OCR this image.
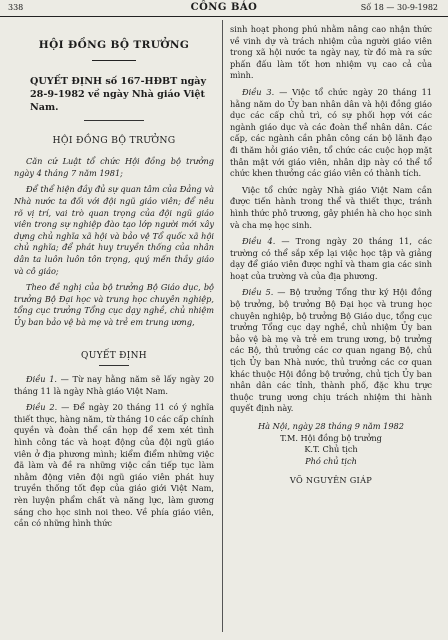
338	CÔNG BÁO	Số 18 — 30-9-1982
HỘI ĐỒNG BỘ TRƯỞNG
QUYẾT ĐỊNH số 167-HĐBT ngày 28-9-1982 về ngày Nhà giáo Việt Nam.
HỘI ĐỒNG BỘ TRƯỞNG

Căn cứ Luật tổ chức Hội đồng bộ trưởng ngày 4 tháng 7 năm 1981;

Để thể hiện đầy đủ sự quan tâm của Đảng và Nhà nước ta đối với đội ngũ giáo viên; để nêu rõ vị trí, vai trò quan trọng của đội ngũ giáo viên trong sự nghiệp đào tạo lớp người mới xây dựng chủ nghĩa xã hội và bảo vệ Tổ quốc xã hội chủ nghĩa; để phát huy truyền thống của nhân dân ta luôn luôn tôn trọng, quý mến thầy giáo và cô giáo;

Theo đề nghị của bộ trưởng Bộ Giáo dục, bộ trưởng Bộ Đại học và trung học chuyên nghiệp, tổng cục trưởng Tổng cục dạy nghề, chủ nhiệm Ủy ban bảo vệ bà mẹ và trẻ em trung ương,

QUYẾT ĐỊNH

Điều 1. — Từ nay hằng năm sẽ lấy ngày 20 tháng 11 là ngày Nhà giáo Việt Nam.

Điều 2. — Để ngày 20 tháng 11 có ý nghĩa thiết thực, hàng năm, từ tháng 10 các cấp chính quyền và đoàn thể cần họp để xem xét tình hình công tác và hoạt động của đội ngũ giáo viên ở địa phương mình; kiểm điểm những việc đã làm và đề ra những việc cần tiếp tục làm nhằm động viên đội ngũ giáo viên phát huy truyền thống tốt đẹp của giáo giới Việt Nam, rèn luyện phẩm chất và năng lực, làm gương sáng cho học sinh noi theo. Về phía giáo viên, cần có những hình thức

sinh hoạt phong phú nhằm nâng cao nhận thức về vinh dự và trách nhiệm của người giáo viên trong xã hội nước ta ngày nay, từ đó mà ra sức phấn đấu làm tốt hơn nhiệm vụ cao cả của mình.

Điều 3. — Việc tổ chức ngày 20 tháng 11 hằng năm do Ủy ban nhân dân và hội đồng giáo dục các cấp chủ trì, có sự phối hợp với các ngành giáo dục và các đoàn thể nhân dân. Các cấp, các ngành cần phân công cán bộ lãnh đạo đi thăm hỏi giáo viên, tổ chức các cuộc họp mặt thân mật với giáo viên, nhân dịp này có thể tổ chức khen thưởng các giáo viên có thành tích.

Việc tổ chức ngày Nhà giáo Việt Nam cần được tiến hành trong thể và thiết thực, tránh hình thức phô trương, gây phiền hà cho học sinh và cha mẹ học sinh.

Điều 4. — Trong ngày 20 tháng 11, các trường có thể sắp xếp lại việc học tập và giảng dạy để giáo viên được nghỉ và tham gia các sinh hoạt của trường và của địa phương.

Điều 5. — Bộ trưởng Tổng thư ký Hội đồng bộ trưởng, bộ trưởng Bộ Đại học và trung học chuyên nghiệp, bộ trưởng Bộ Giáo dục, tổng cục trưởng Tổng cục dạy nghề, chủ nhiệm Ủy ban bảo vệ bà mẹ và trẻ em trung ương, bộ trưởng các Bộ, thủ trưởng các cơ quan ngang Bộ, chủ tịch Ủy ban Nhà nước, thủ trưởng các cơ quan khác thuộc Hội đồng bộ trưởng, chủ tịch Ủy ban nhân dân các tỉnh, thành phố, đặc khu trực thuộc trung ương chịu trách nhiệm thi hành quyết định này.

Hà Nội, ngày 28 tháng 9 năm 1982
T.M. Hội đồng bộ trưởng
K.T. Chủ tịch
Phó chủ tịch
VÕ NGUYÊN GIÁP
